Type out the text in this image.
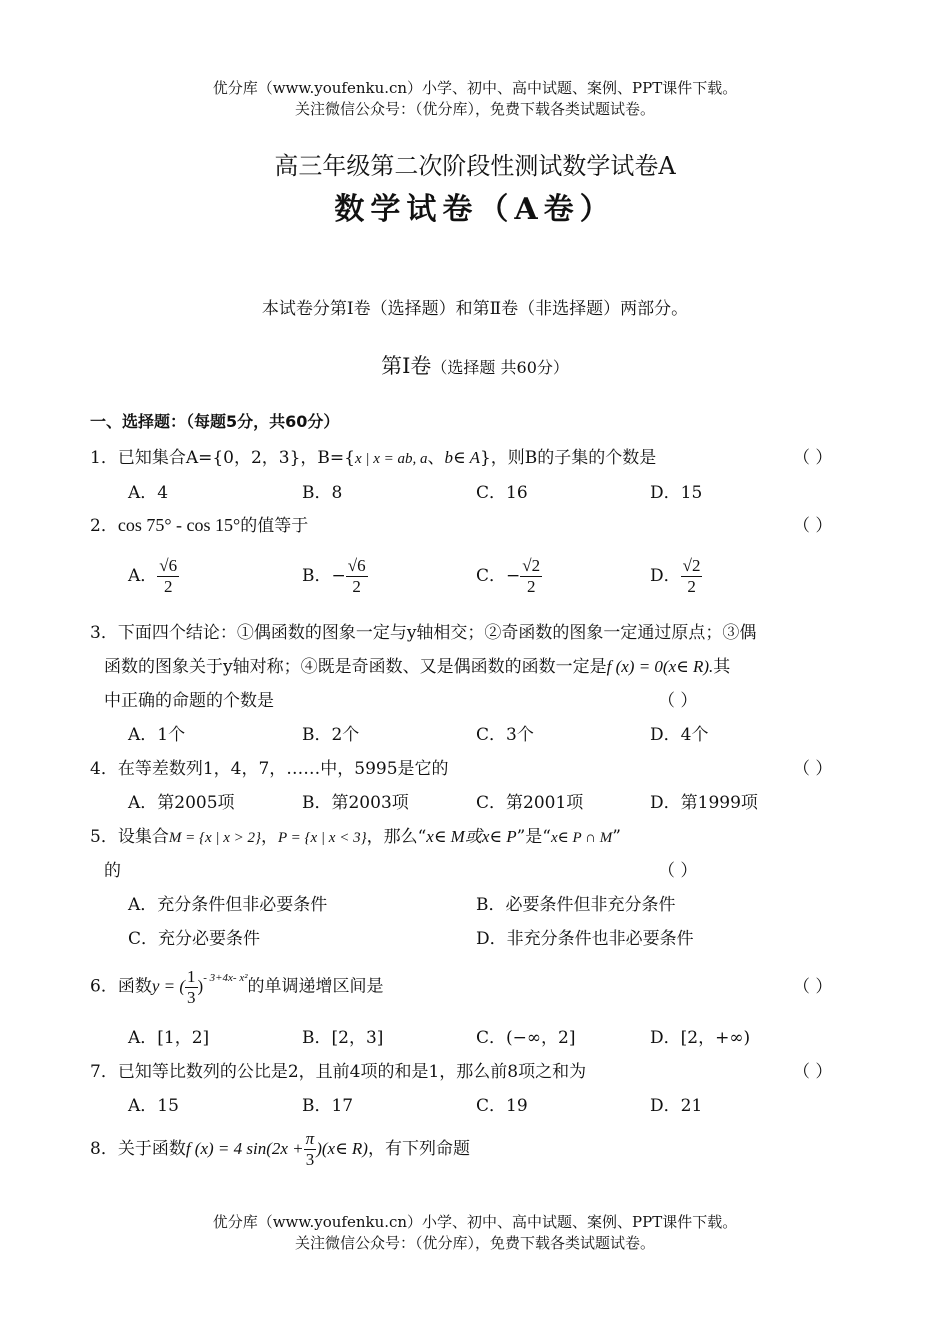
优分库（www.youfenku.cn）小学、初中、高中试题、案例、PPT课件下载。
关注微信公众号：（优分库），免费下载各类试题试卷。
高三年级第二次阶段性测试数学试卷A
数学试卷（A卷）
本试卷分第Ⅰ卷（选择题）和第Ⅱ卷（非选择题）两部分。
第Ⅰ卷（选择题 共60分）
一、选择题：（每题5分，共60分）
1．已知集合A={0，2，3}，B={x | x = ab, a、b∈ A}，则B的子集的个数是	（ ）
A．4	B．8	C．16	D．15
2．cos 75° - cos 15°的值等于	（ ）
A． $\frac{√6}{2}$	B．− $\frac{√6}{2}$	C．− $\frac{√2}{2}$	D． $\frac{√2}{2}$
3．下面四个结论：①偶函数的图象一定与y轴相交；②奇函数的图象一定通过原点；③偶
函数的图象关于y轴对称；④既是奇函数、又是偶函数的函数一定是f (x) = 0(x∈ R).其
中正确的命题的个数是	（ ）
A．1个	B．2个	C．3个	D．4个
4．在等差数列1，4，7，……中，5995是它的	（ ）
A．第2005项	B．第2003项	C．第2001项	D．第1999项
5．设集合M = {x | x > 2}，P = {x | x < 3}，那么“x∈ M或x∈ P”是“x∈ P ∩ M”
的	（ ）
A．充分条件但非必要条件	B．必要条件但非充分条件
C．充分必要条件	D．非充分条件也非必要条件
6．函数y = ( $\frac{1}{3} )^{- 3+4x- x^2}$的单调递增区间是	（ ）
A．[1，2]	B．[2，3]	C．(−∞，2]	D．[2，+∞)
7．已知等比数列的公比是2，且前4项的和是1，那么前8项之和为	（ ）
A．15	B．17	C．19	D．21
8．关于函数f (x) = 4 $\sin(2x + \frac{\pi}{3}$ )(x∈ R)，有下列命题
优分库（www.youfenku.cn）小学、初中、高中试题、案例、PPT课件下载。
关注微信公众号：（优分库），免费下载各类试题试卷。
